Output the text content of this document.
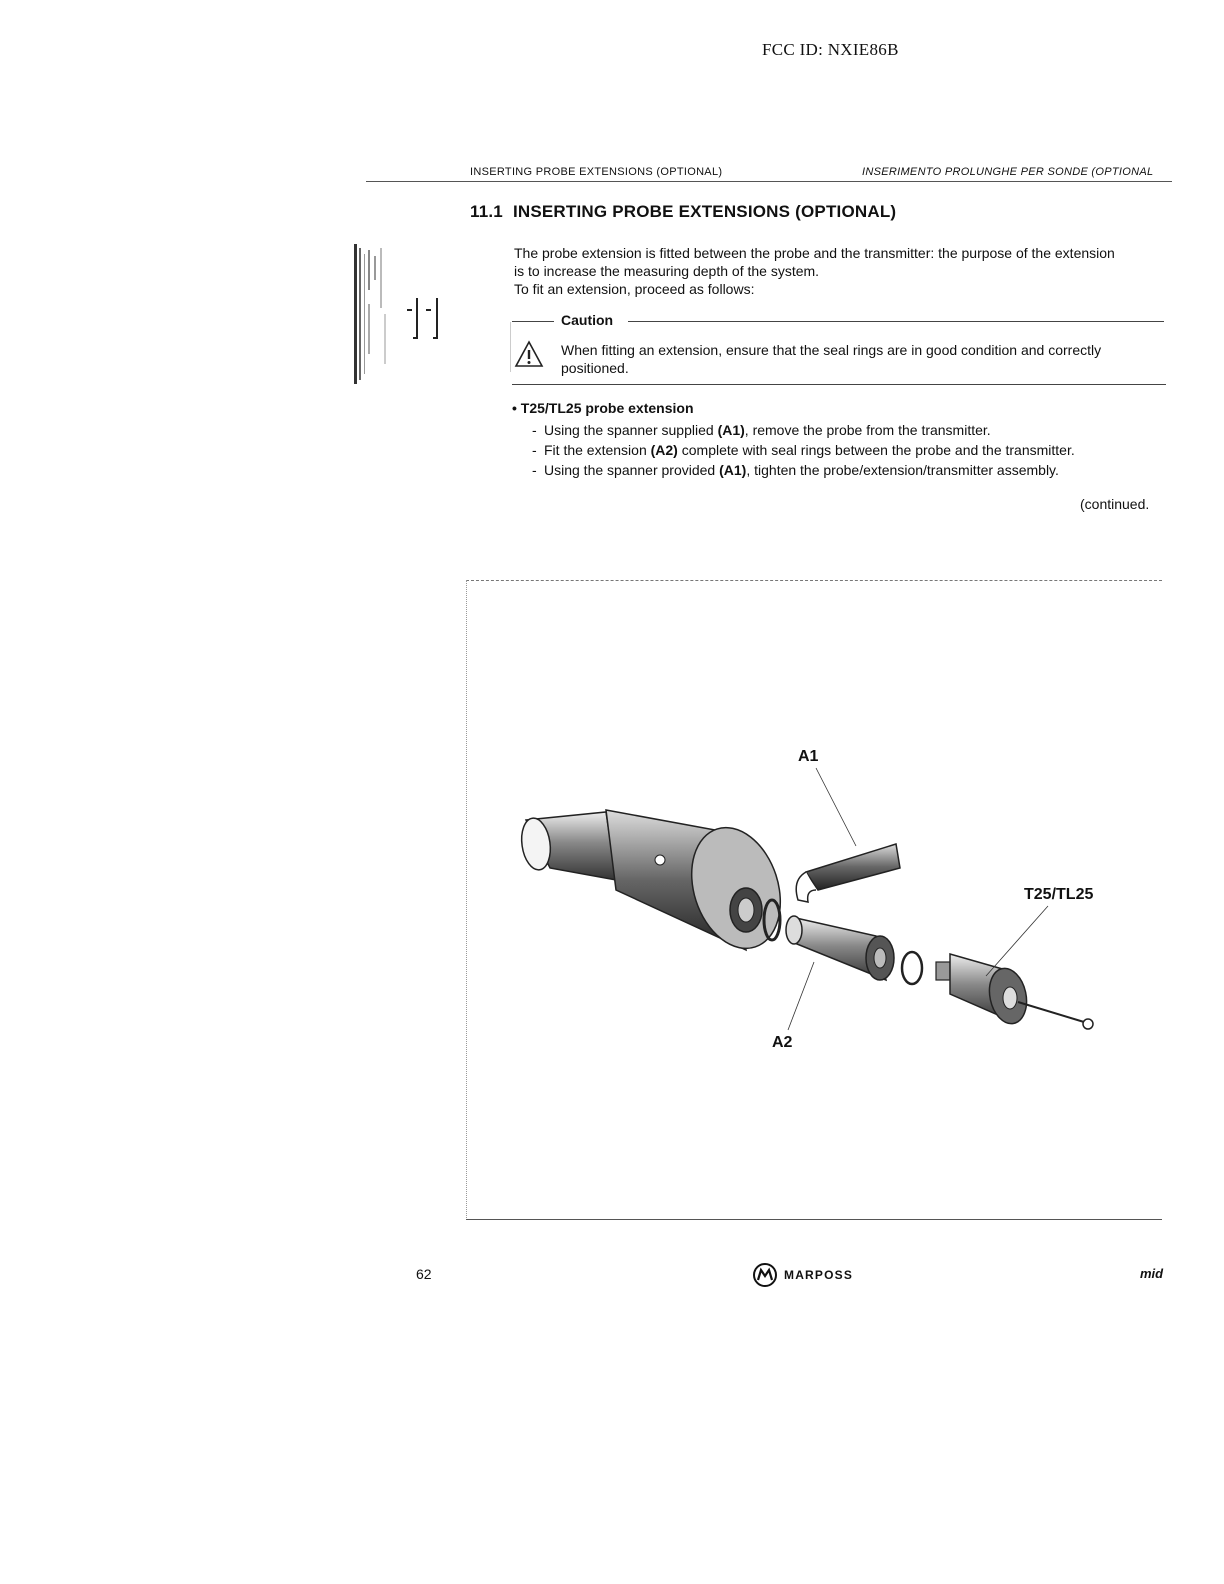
FCC ID: NXIE86B
INSERTING PROBE EXTENSIONS (OPTIONAL)	INSERIMENTO PROLUNGHE PER SONDE (OPTIONAL
11.1 INSERTING PROBE EXTENSIONS (OPTIONAL)

The probe extension is fitted between the probe and the transmitter: the purpose of the extension

is to increase the measuring depth of the system.

To fit an extension, proceed as follows:

Caution
When fitting an extension, ensure that the seal rings are in good condition and correctly positioned.
• T25/TL25 probe extension
- Using the spanner supplied (A1), remove the probe from the transmitter.
- Fit the extension (A2) complete with seal rings between the probe and the transmitter.
- Using the spanner provided (A1), tighten the probe/extension/transmitter assembly.
(continued.
A1
A2
T25/TL25
62	MARPOSS	mid
